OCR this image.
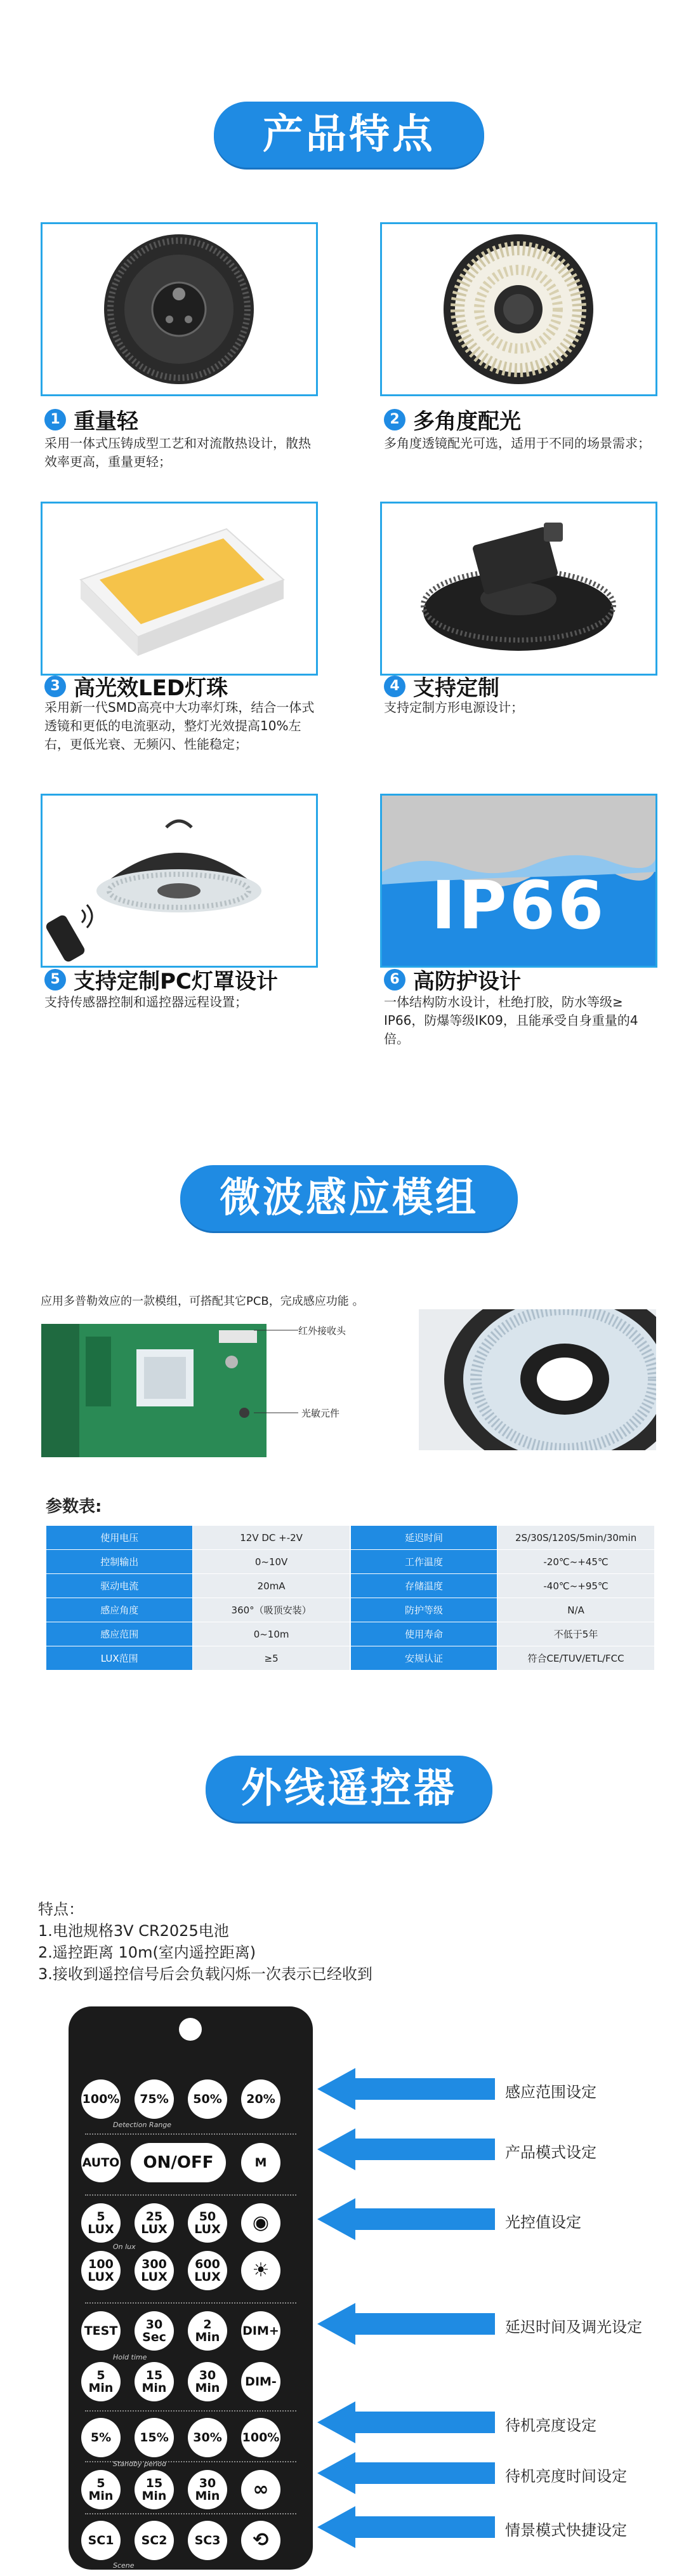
产品特点
1 重量轻
采用一体式压铸成型工艺和对流散热设计，散热效率更高，重量更轻；
2 多角度配光
多角度透镜配光可选，适用于不同的场景需求；
3 高光效LED灯珠
采用新一代SMD高亮中大功率灯珠，结合一体式透镜和更低的电流驱动，整灯光效提高10%左右，更低光衰、无频闪、性能稳定；
4 支持定制
支持定制方形电源设计；
5 支持定制PC灯罩设计
支持传感器控制和遥控器远程设置；
IP66
6 高防护设计
一体结构防水设计，杜绝打胶，防水等级≥ IP66，防爆等级IK09，且能承受自身重量的4倍。
微波感应模组
应用多普勒效应的一款模组，可搭配其它PCB，完成感应功能 。
红外接收头
光敏元件
参数表:
使用电压	12V DC +-2V		延迟时间	2S/30S/120S/5min/30min
控制输出	0~10V		工作温度	-20℃~+45℃
驱动电流	20mA		存储温度	-40℃~+95℃
感应角度	360°（吸顶安装）		防护等级	N/A
感应范围	0~10m		使用寿命	不低于5年
LUX范围	≥5		安规认证	符合CE/TUV/ETL/FCC
外线遥控器
特点：
1.电池规格3V CR2025电池
2.遥控距离 10m(室内遥控距离)
3.接收到遥控信号后会负载闪烁一次表示已经收到
100% 75% 50% 20%
AUTO ON/OFF	M
5
LUX
25
LUX
50
LUX
100
LUX
300
LUX
600
LUX
TEST 30
Sec
2
Min DIM+
5
Min
15
Min
30
Min DIM-
5% 15% 30% 100%
5
Min
15
Min
30
Min
SC1 SC2 SC3
◉
☀
∞
⟲
Detection Range
On lux
Hold time
Standby period
Scene
感应范围设定
产品模式设定
光控值设定
延迟时间及调光设定
待机亮度设定
待机亮度时间设定
情景模式快捷设定
